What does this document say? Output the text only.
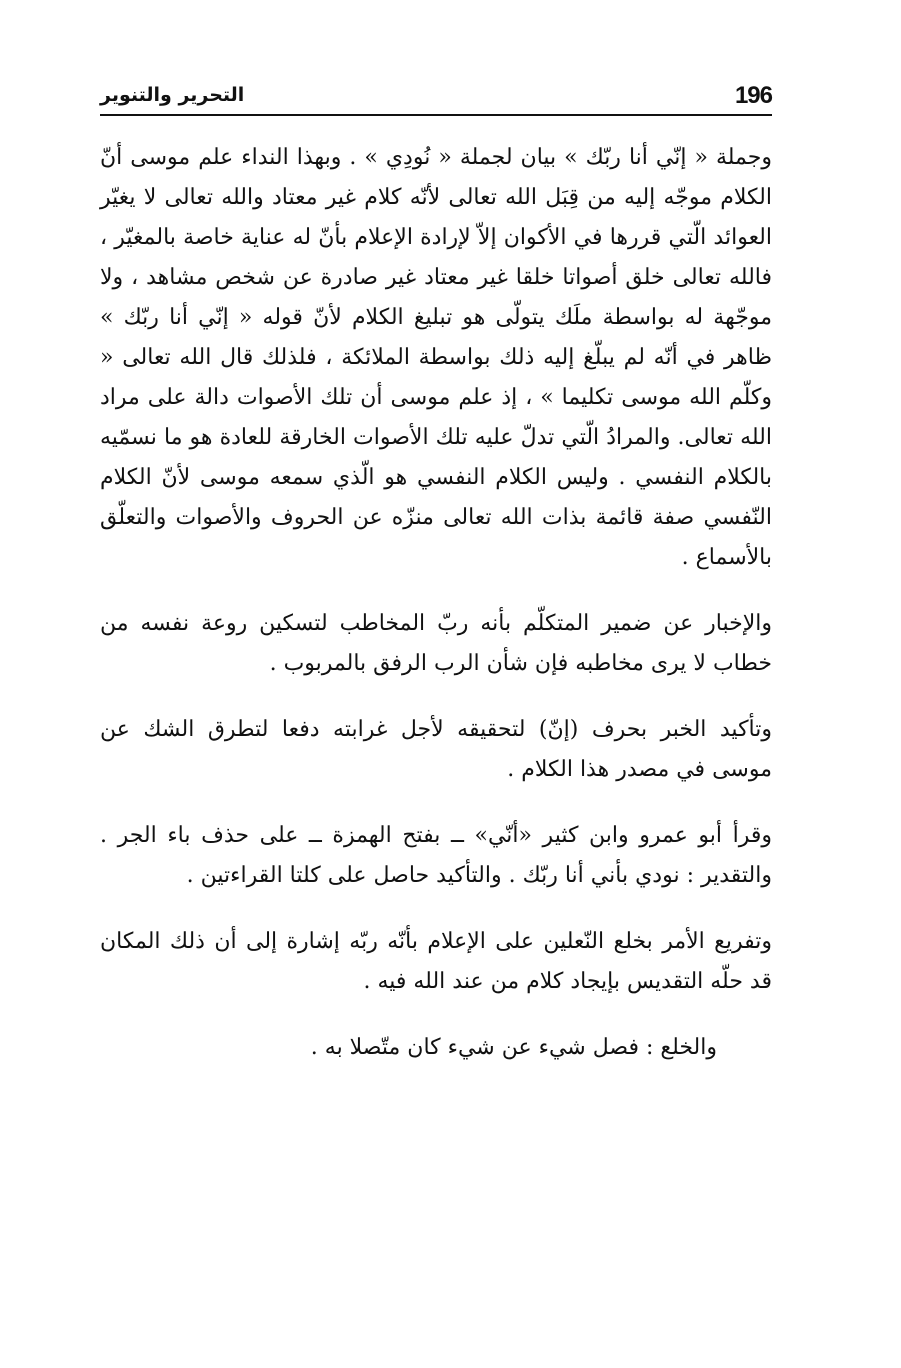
196
التحرير والتنوير

وجملة « إنّي أنا ربّك » بيان لجملة « نُودِي » . وبهذا النداء علم موسى أنّ الكلام موجّه إليه من قِبَل الله تعالى لأنّه كلام غير معتاد والله تعالى لا يغيّر العوائد الّتي قررها في الأكوان إلاّ لإرادة الإعلام بأنّ له عناية خاصة بالمغيّر ، فالله تعالى خلق أصواتا خلقا غير معتاد غير صادرة عن شخص مشاهد ، ولا موجّهة له بواسطة ملَك يتولّى هو تبليغ الكلام لأنّ قوله « إنّي أنا ربّك » ظاهر في أنّه لم يبلّغ إليه ذلك بواسطة الملائكة ، فلذلك قال الله تعالى « وكلّم الله موسى تكليما » ، إذ علم موسى أن تلك الأصوات دالة على مراد الله تعالى. والمرادُ الّتي تدلّ عليه تلك الأصوات الخارقة للعادة هو ما نسمّيه بالكلام النفسي . وليس الكلام النفسي هو الّذي سمعه موسى لأنّ الكلام النّفسي صفة قائمة بذات الله تعالى منزّه عن الحروف والأصوات والتعلّق بالأسماع .

والإخبار عن ضمير المتكلّم بأنه ربّ المخاطب لتسكين روعة نفسه من خطاب لا يرى مخاطبه فإن شأن الرب الرفق بالمربوب .

وتأكيد الخبر بحرف (إنّ) لتحقيقه لأجل غرابته دفعا لتطرق الشك عن موسى في مصدر هذا الكلام .

وقرأ أبو عمرو وابن كثير «أنّي» ــ بفتح الهمزة ــ على حذف باء الجر . والتقدير : نودي بأني أنا ربّك . والتأكيد حاصل على كلتا القراءتين .

وتفريع الأمر بخلع النّعلين على الإعلام بأنّه ربّه إشارة إلى أن ذلك المكان قد حلّه التقديس بإيجاد كلام من عند الله فيه .

والخلع : فصل شيء عن شيء كان متّصلا به .
